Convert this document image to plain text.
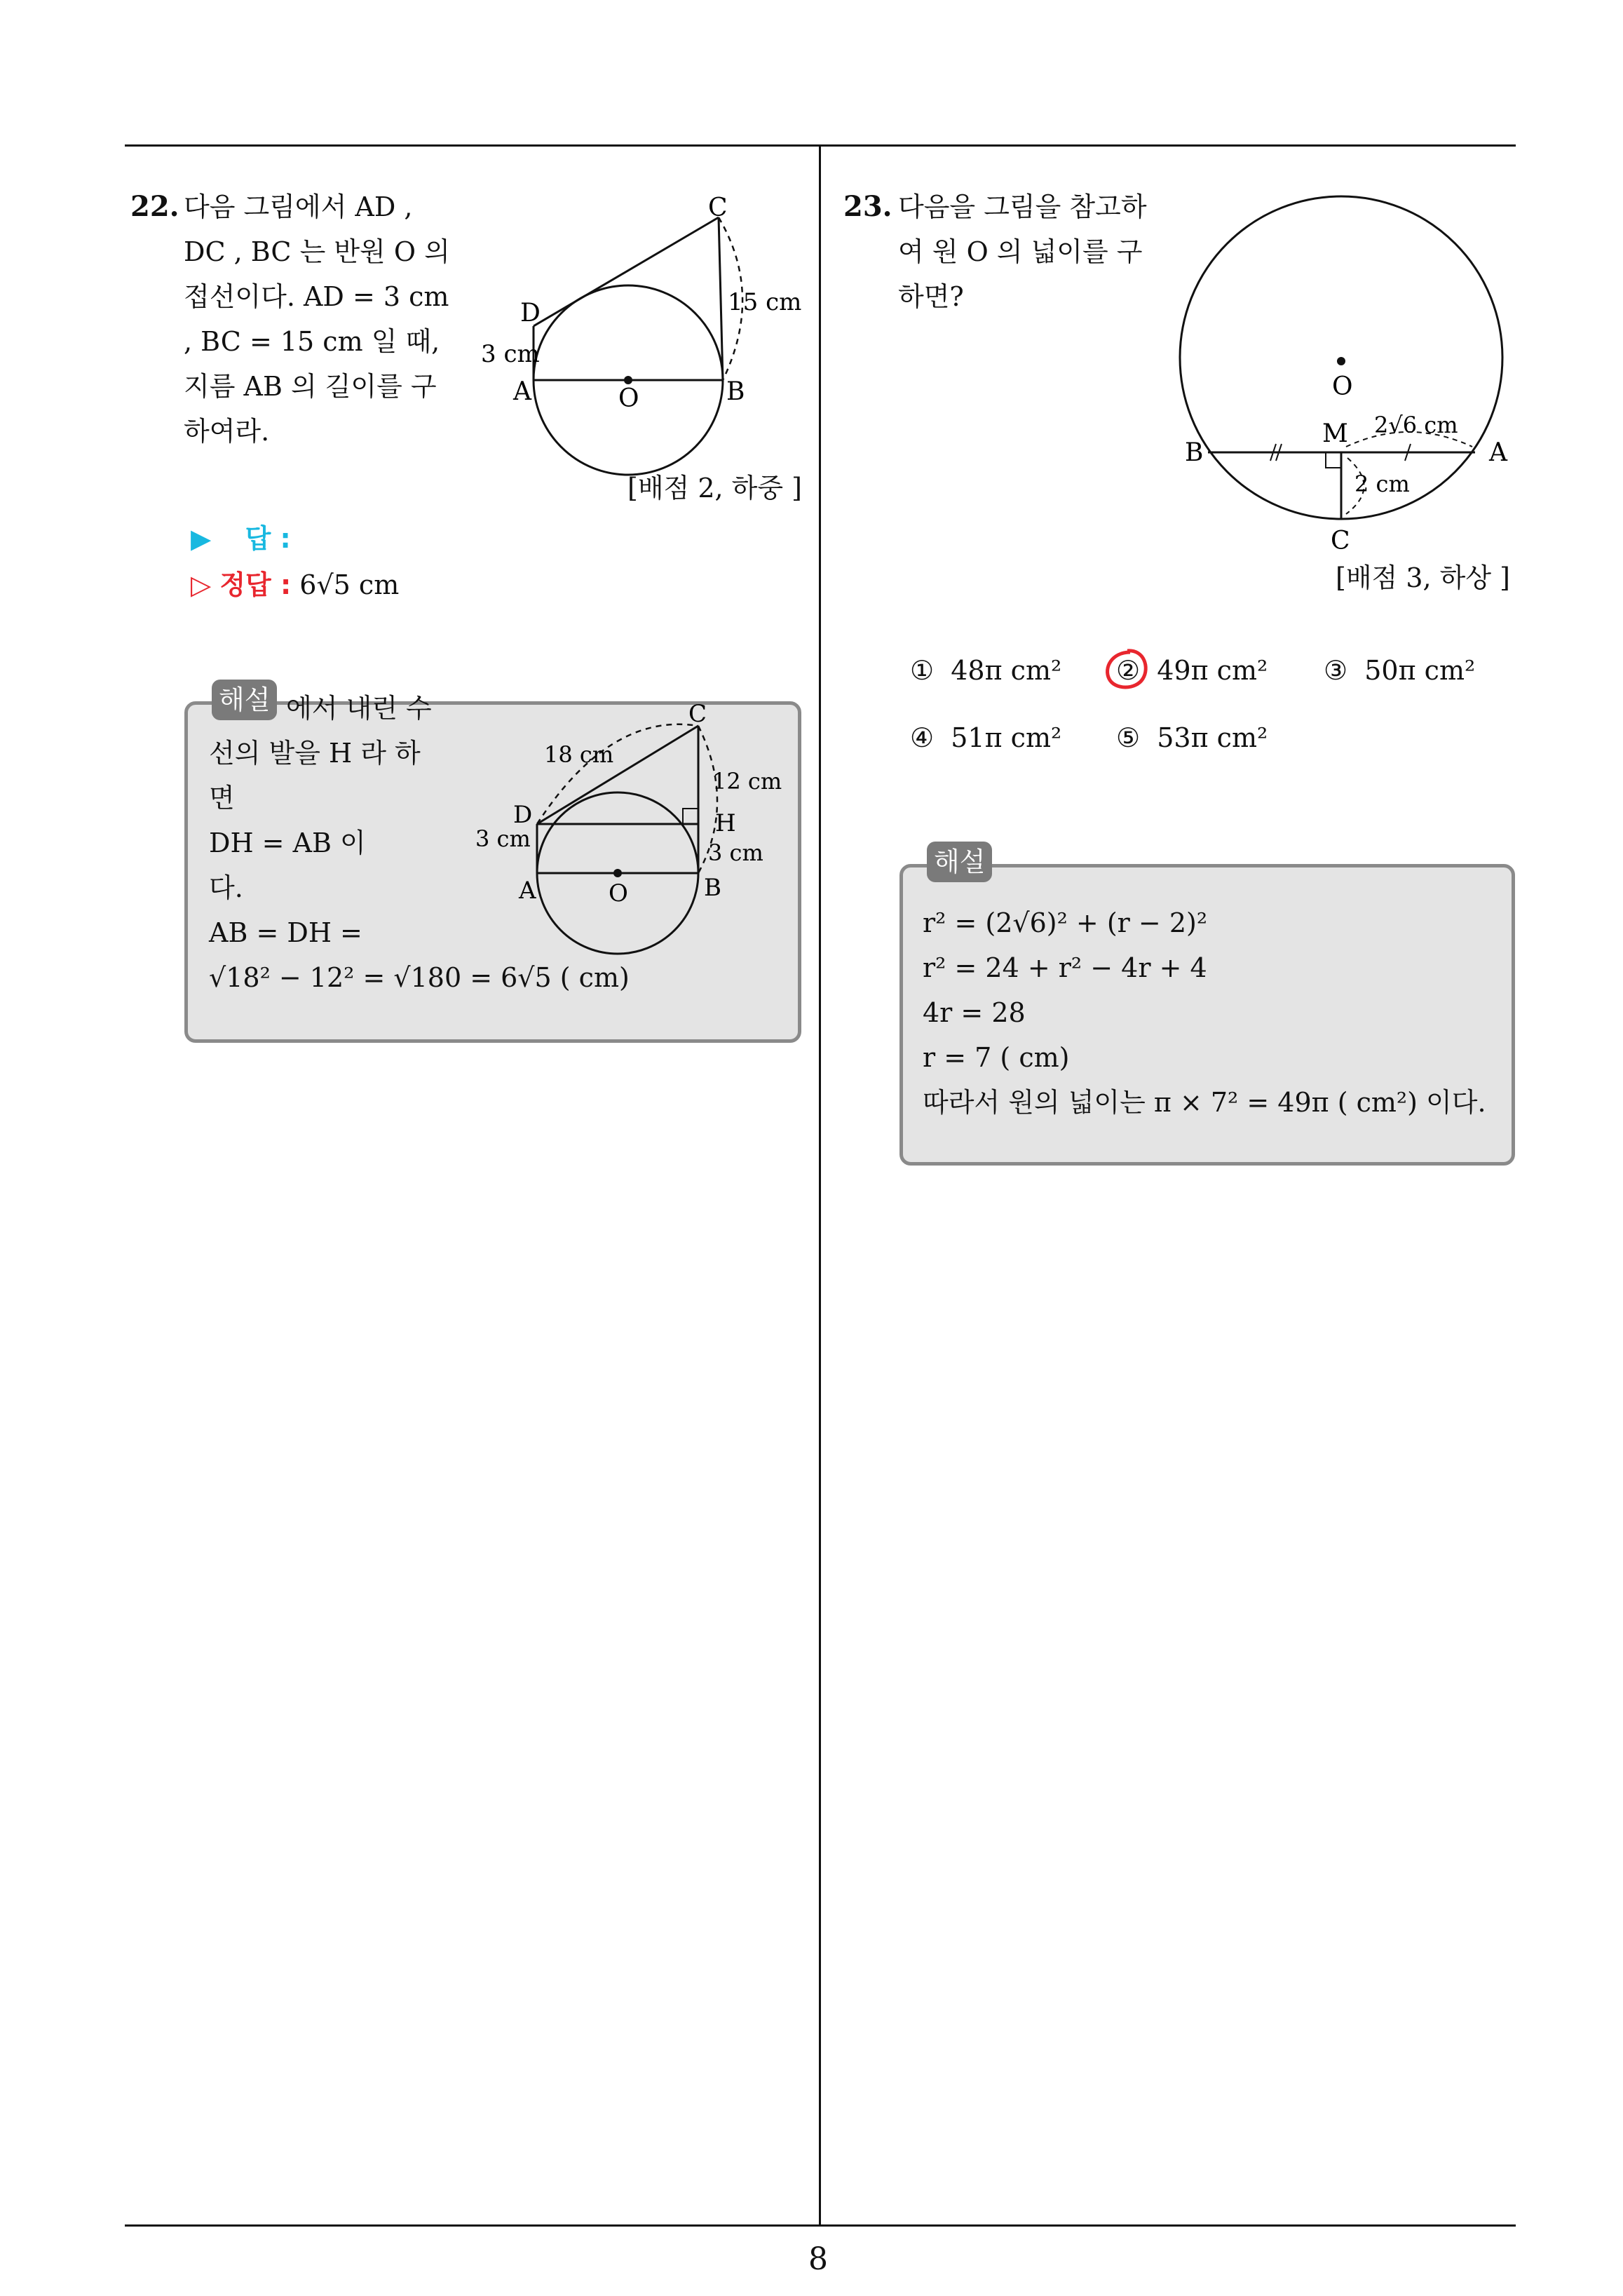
8
22. 다음 그림에서 AD ,
DC , BC 는 반원 O 의
접선이다. AD = 3 cm
, BC = 15 cm 일 때,
지름 AB 의 길이를 구
하여라.
C
D
A	B
O
15 cm
3 cm
[배점 2, 하중 ]
▶ 답 :
▷ 정답 : 6√5 cm
해설 에서 내린 수
선의 발을 H 라 하
면
DH = AB 이
다.
AB = DH =
√18² − 12² = √180 = 6√5 ( cm)
C
D	H
A	B
O
18 cm
12 cm
3 cm
3 cm
23. 다음을 그림을 참고하
여 원 O 의 넓이를 구
하면?
O
M
B	A
C
2√6 cm
2 cm
[배점 3, 하상 ]
① 48π cm² ② 49π cm² ③ 50π cm²
④ 51π cm² ⑤ 53π cm²
해설
r² = (2√6)² + (r − 2)²
r² = 24 + r² − 4r + 4
4r = 28
r = 7 ( cm)
따라서 원의 넓이는 π × 7² = 49π ( cm²) 이다.
